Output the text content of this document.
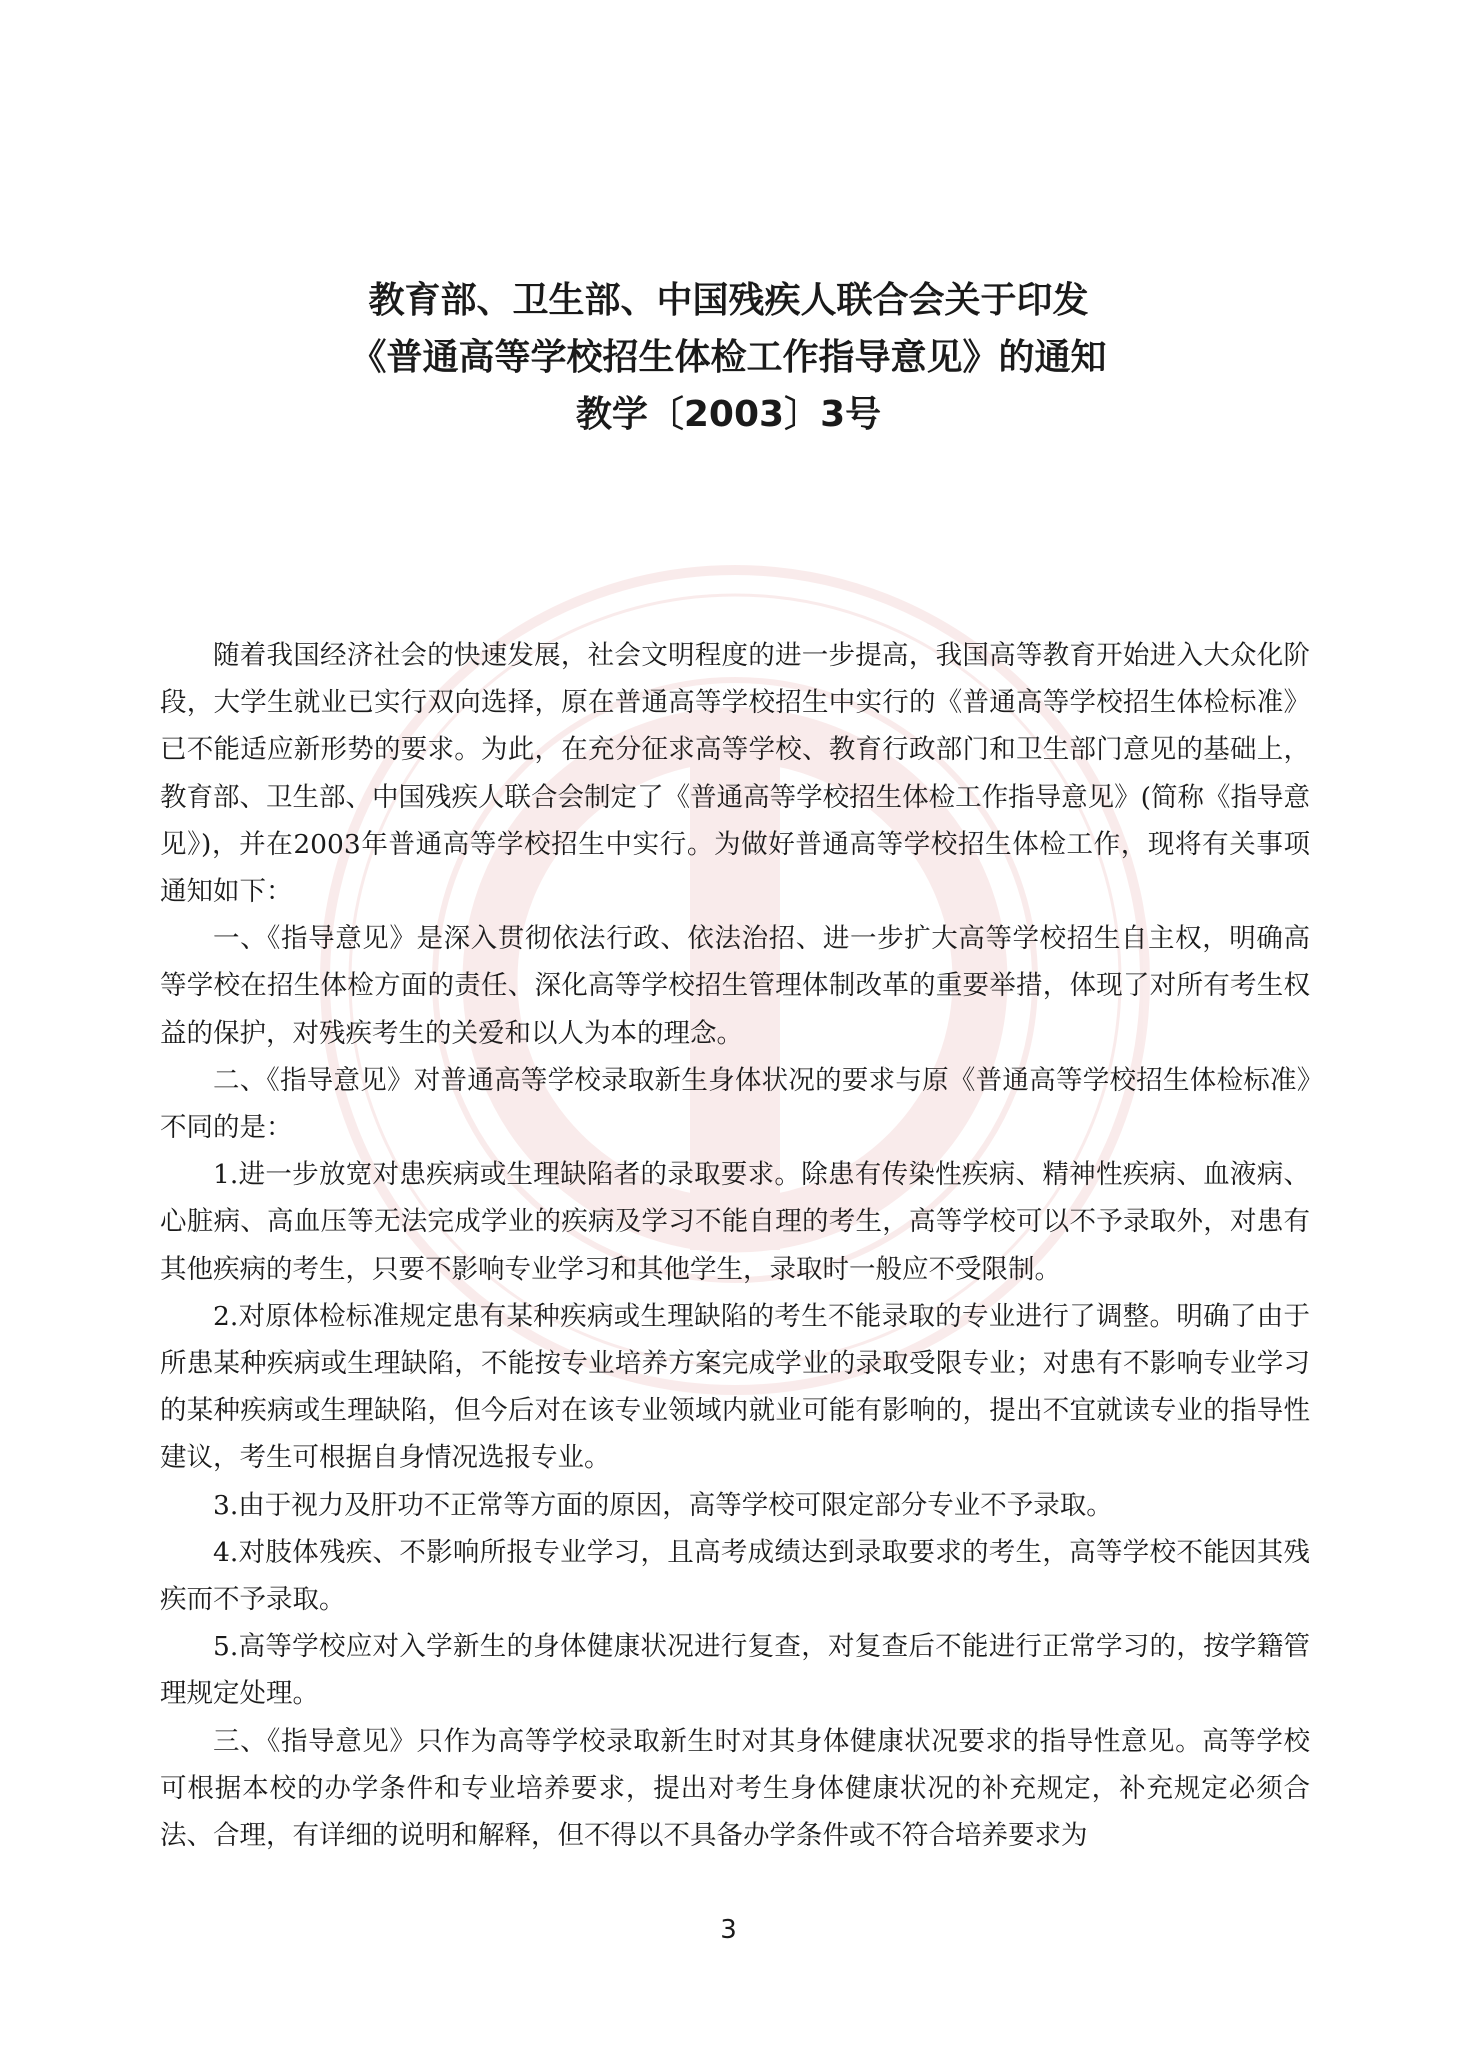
教育部、卫生部、中国残疾人联合会关于印发
《普通高等学校招生体检工作指导意见》的通知
教学〔2003〕3号

随着我国经济社会的快速发展，社会文明程度的进一步提高，我国高等教育开始进入大众化阶段，大学生就业已实行双向选择，原在普通高等学校招生中实行的《普通高等学校招生体检标准》已不能适应新形势的要求。为此，在充分征求高等学校、教育行政部门和卫生部门意见的基础上，教育部、卫生部、中国残疾人联合会制定了《普通高等学校招生体检工作指导意见》(简称《指导意见》)，并在2003年普通高等学校招生中实行。为做好普通高等学校招生体检工作，现将有关事项通知如下：

一、《指导意见》是深入贯彻依法行政、依法治招、进一步扩大高等学校招生自主权，明确高等学校在招生体检方面的责任、深化高等学校招生管理体制改革的重要举措，体现了对所有考生权益的保护，对残疾考生的关爱和以人为本的理念。

二、《指导意见》对普通高等学校录取新生身体状况的要求与原《普通高等学校招生体检标准》不同的是：

1.进一步放宽对患疾病或生理缺陷者的录取要求。除患有传染性疾病、精神性疾病、血液病、心脏病、高血压等无法完成学业的疾病及学习不能自理的考生，高等学校可以不予录取外，对患有其他疾病的考生，只要不影响专业学习和其他学生，录取时一般应不受限制。

2.对原体检标准规定患有某种疾病或生理缺陷的考生不能录取的专业进行了调整。明确了由于所患某种疾病或生理缺陷，不能按专业培养方案完成学业的录取受限专业；对患有不影响专业学习的某种疾病或生理缺陷，但今后对在该专业领域内就业可能有影响的，提出不宜就读专业的指导性建议，考生可根据自身情况选报专业。

3.由于视力及肝功不正常等方面的原因，高等学校可限定部分专业不予录取。

4.对肢体残疾、不影响所报专业学习，且高考成绩达到录取要求的考生，高等学校不能因其残疾而不予录取。

5.高等学校应对入学新生的身体健康状况进行复查，对复查后不能进行正常学习的，按学籍管理规定处理。

三、《指导意见》只作为高等学校录取新生时对其身体健康状况要求的指导性意见。高等学校可根据本校的办学条件和专业培养要求，提出对考生身体健康状况的补充规定，补充规定必须合法、合理，有详细的说明和解释，但不得以不具备办学条件或不符合培养要求为

3
